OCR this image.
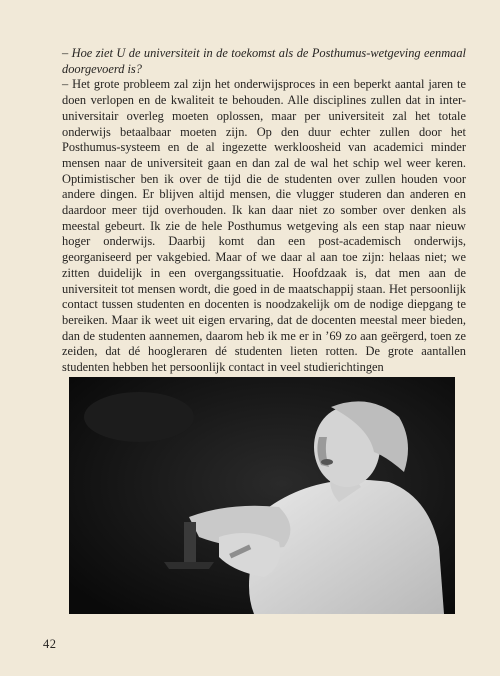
– Hoe ziet U de universiteit in de toekomst als de Posthumus-wetgeving eenmaal doorgevoerd is?

– Het grote probleem zal zijn het onderwijsproces in een beperkt aantal jaren te doen verlopen en de kwaliteit te behouden. Alle disciplines zullen dat in inter-universitair overleg moeten oplossen, maar per universiteit zal het totale onderwijs betaalbaar moeten zijn. Op den duur echter zullen door het Posthumus-systeem en de al ingezette werkloosheid van academici minder mensen naar de universiteit gaan en dan zal de wal het schip wel weer keren. Optimistischer ben ik over de tijd die de studenten over zullen houden voor andere dingen. Er blijven altijd mensen, die vlugger studeren dan anderen en daardoor meer tijd overhouden. Ik kan daar niet zo somber over denken als meestal gebeurt. Ik zie de hele Posthumus wetgeving als een stap naar nieuw hoger onderwijs. Daarbij komt dan een post-academisch onderwijs, georganiseerd per vakgebied. Maar of we daar al aan toe zijn: helaas niet; we zitten duidelijk in een overgangssituatie. Hoofdzaak is, dat men aan de universiteit tot mensen wordt, die goed in de maatschappij staan. Het persoonlijk contact tussen studenten en docenten is noodzakelijk om de nodige diepgang te bereiken. Maar ik weet uit eigen ervaring, dat de docenten meestal meer bieden, dan de studenten aannemen, daarom heb ik me er in ’69 zo aan geërgerd, toen ze zeiden, dat dé hoogleraren dé studenten lieten rotten. De grote aantallen studenten hebben het persoonlijk contact in veel studierichtingen

42
